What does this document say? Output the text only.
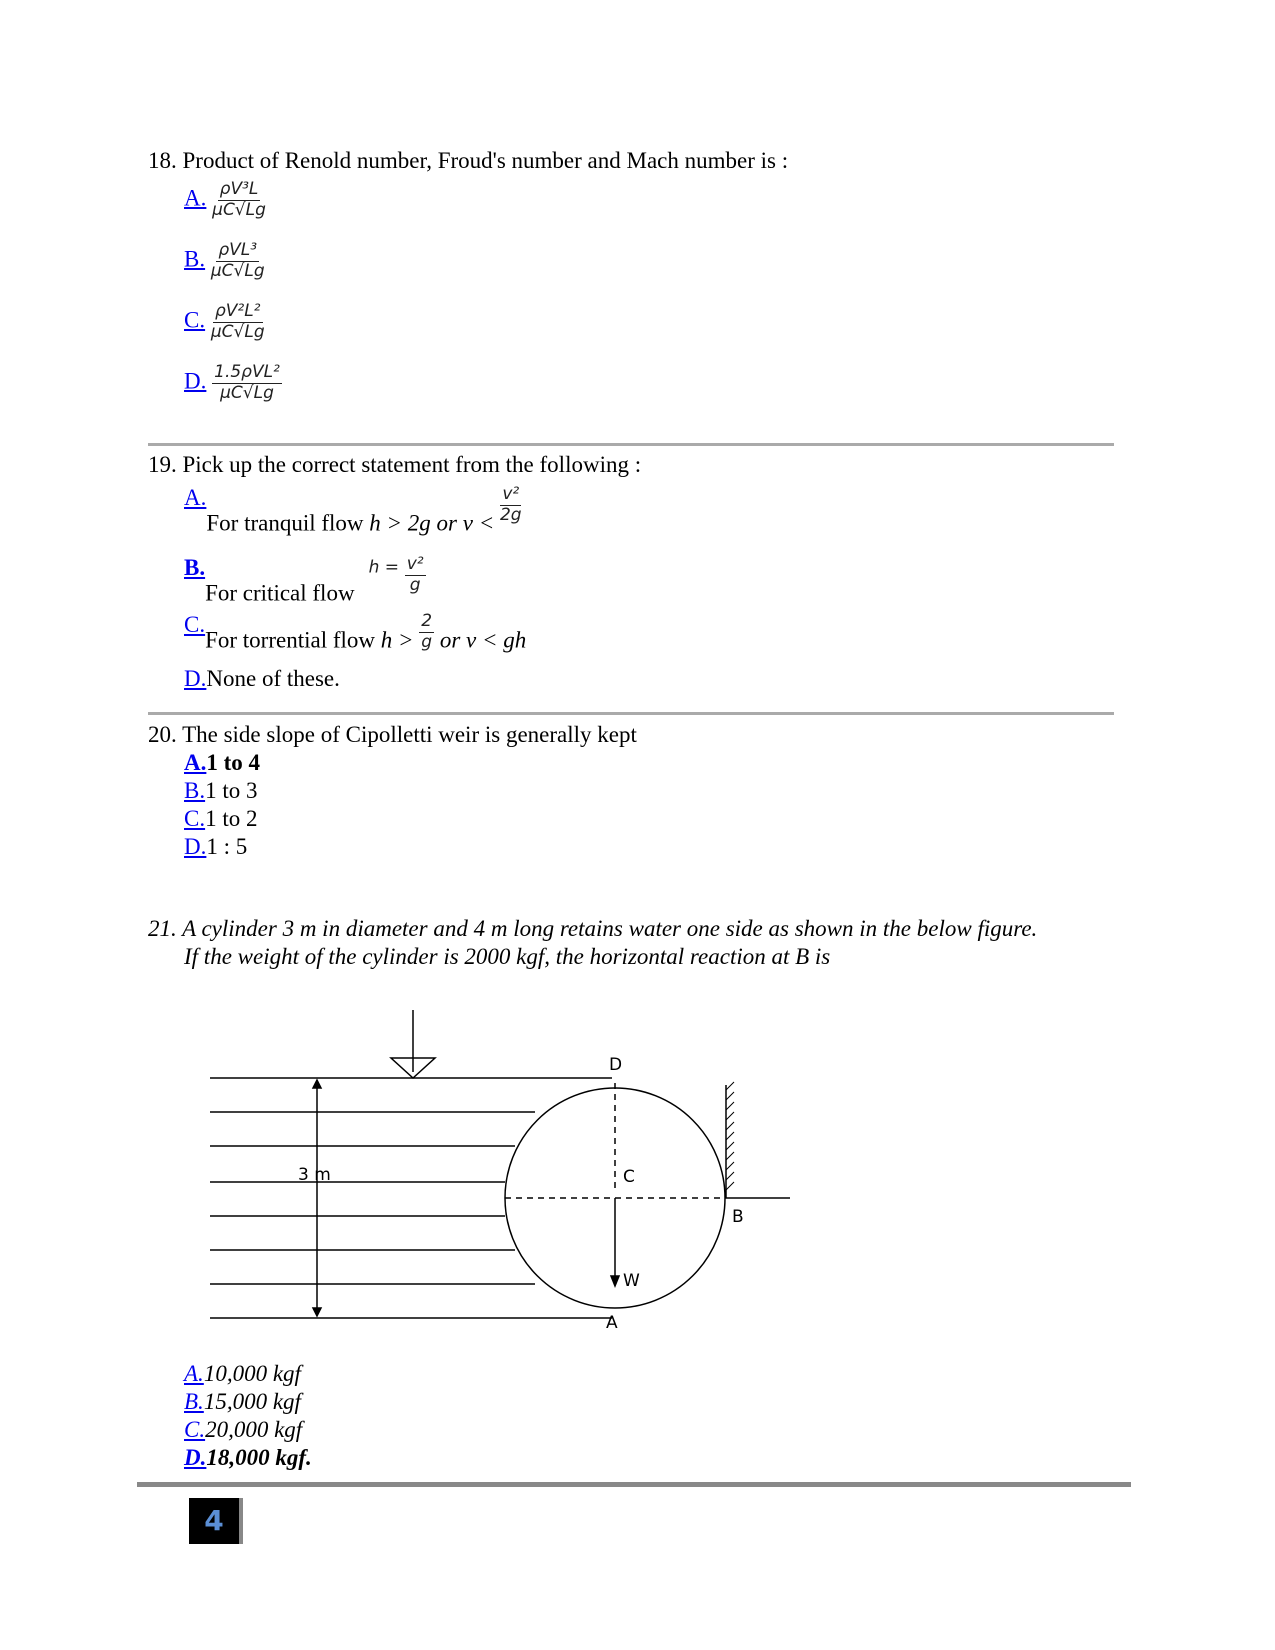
18. Product of Renold number, Froud's number and Mach number is :
A. $\frac{\text{ρV³L}}{\mu C√Lg}$
B. $\frac{\text{ρVL³}}{\mu C√Lg}$
C. $\frac{\text{ρV²L²}}{\mu C√Lg}$
D. $\frac{\text{1.5ρVL²}}{\mu C√Lg}$
19. Pick up the correct statement from the following :
A.For tranquil flow h > 2g or $v < \frac{\text{v²}}{2g}$
B.For critical flow$^{h =}$ $\frac{\text{v²}}{g}$
C.For torrential flow $h > \frac{2}{g}$ or v < gh
D.None of these.
20. The side slope of Cipolletti weir is generally kept
A.1 to 4
B.1 to 3
C.1 to 2
D.1 : 5
21. A cylinder 3 m in diameter and 4 m long retains water one side as shown in the below figure.
If the weight of the cylinder is 2000 kgf, the horizontal reaction at B is
3 m
D
C
B
W
A
A.10,000 kgf
B.15,000 kgf
C.20,000 kgf
D.18,000 kgf.
4
